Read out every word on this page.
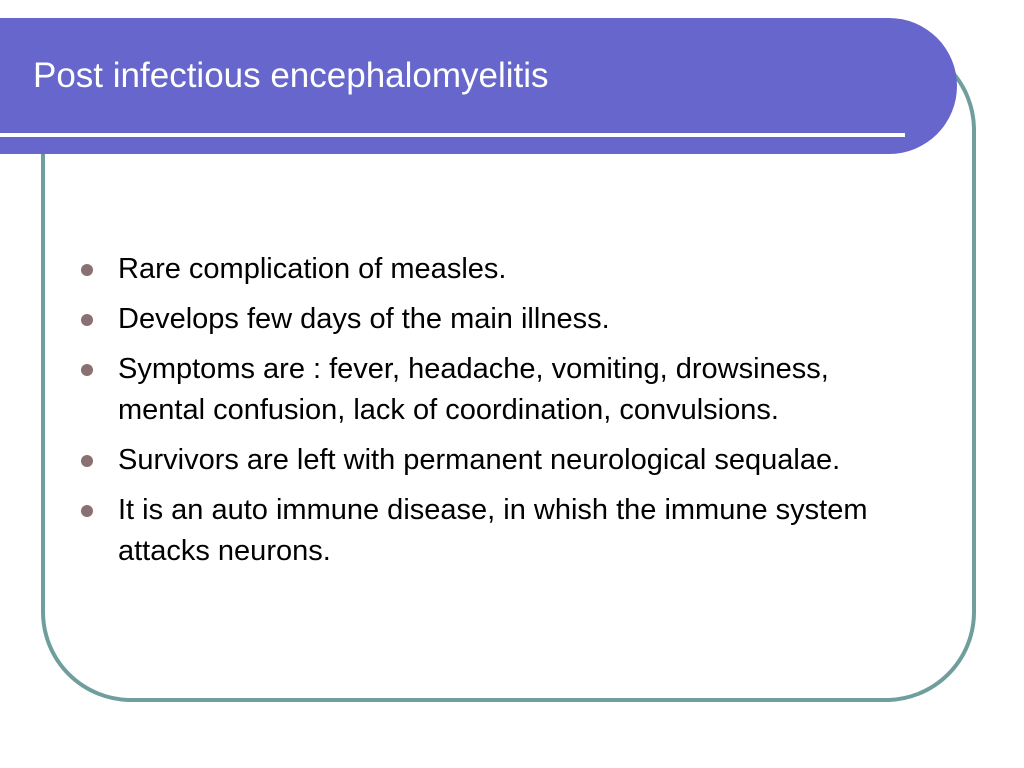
Post infectious encephalomyelitis
Rare complication of measles.
Develops few days of the main illness.
Symptoms are : fever, headache, vomiting, drowsiness, mental confusion, lack of coordination, convulsions.
Survivors are left with permanent neurological sequalae.
It is an auto immune disease, in whish the immune system attacks neurons.
